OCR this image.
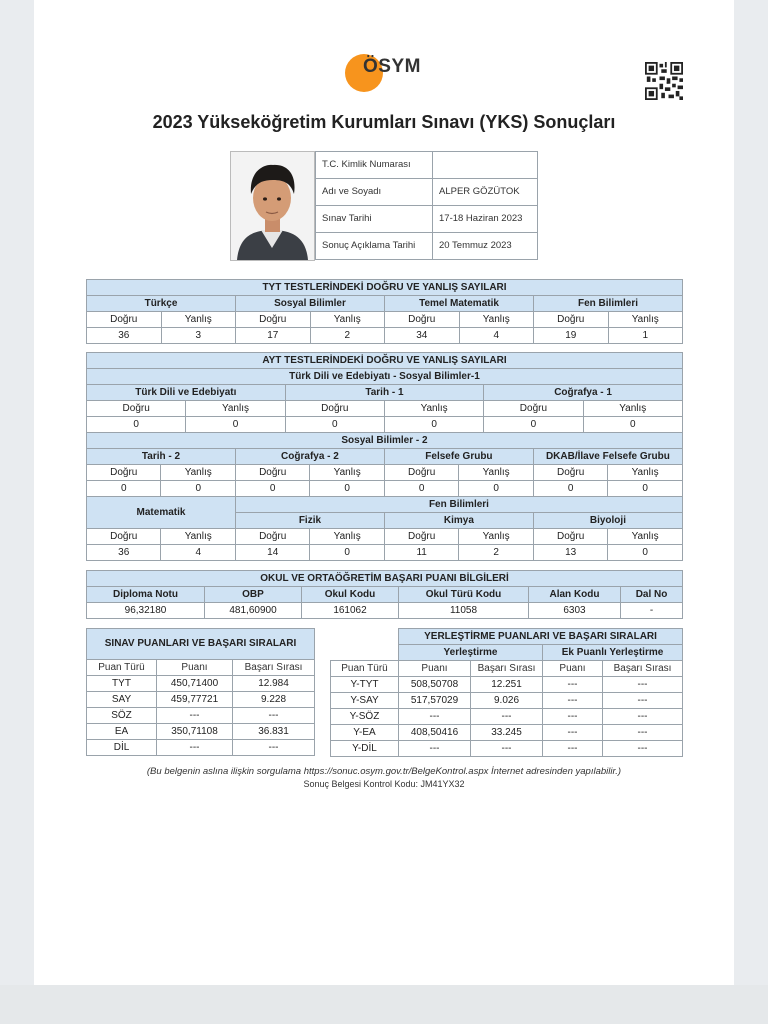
ÖSYM
2023 Yükseköğretim Kurumları Sınavı (YKS) Sonuçları
T.C. Kimlik Numarası	
Adı ve Soyadı	ALPER GÖZÜTOK
Sınav Tarihi	17-18 Haziran 2023
Sonuç Açıklama Tarihi	20 Temmuz 2023
TYT TESTLERİNDEKİ DOĞRU VE YANLIŞ SAYILARI							
Türkçe		Sosyal Bilimler		Temel Matematik		Fen Bilimleri	
Doğru	Yanlış	Doğru	Yanlış	Doğru	Yanlış	Doğru	Yanlış
36	3	17	2	34	4	19	1
AYT TESTLERİNDEKİ DOĞRU VE YANLIŞ SAYILARI											
Türk Dili ve Edebiyatı - Sosyal Bilimler-1											
Türk Dili ve Edebiyatı				Tarih - 1				Coğrafya - 1			
Doğru		Yanlış		Doğru		Yanlış		Doğru		Yanlış	
0		0		0		0		0		0	
Sosyal Bilimler - 2											
Tarih - 2			Coğrafya - 2			Felsefe Grubu			DKAB/İlave Felsefe Grubu		
Doğru	Yanlış		Doğru		Yanlış	Doğru	Yanlış		Doğru		Yanlış
0	0		0		0	0	0		0		0
Matematik			Fen Bilimleri								
			Fizik			Kimya			Biyoloji		
Doğru	Yanlış		Doğru		Yanlış	Doğru	Yanlış		Doğru		Yanlış
36	4		14		0	11	2		13		0
OKUL VE ORTAÖĞRETİM BAŞARI PUANI BİLGİLERİ					
Diploma Notu	OBP	Okul Kodu	Okul Türü Kodu	Alan Kodu	Dal No
96,32180	481,60900	161062	11058	6303	-
SINAV PUANLARI VE BAŞARI SIRALARI		
Puan Türü	Puanı	Başarı Sırası
TYT	450,71400	12.984
SAY	459,77721	9.228
SÖZ	---	---
EA	350,71108	36.831
DİL	---	---
	YERLEŞTİRME PUANLARI VE BAŞARI SIRALARI			
	Yerleştirme		Ek Puanlı Yerleştirme	
Puan Türü	Puanı	Başarı Sırası	Puanı	Başarı Sırası
Y-TYT	508,50708	12.251	---	---
Y-SAY	517,57029	9.026	---	---
Y-SÖZ	---	---	---	---
Y-EA	408,50416	33.245	---	---
Y-DİL	---	---	---	---
(Bu belgenin aslına ilişkin sorgulama https://sonuc.osym.gov.tr/BelgeKontrol.aspx İnternet adresinden yapılabilir.)
Sonuç Belgesi Kontrol Kodu: JM41YX32
